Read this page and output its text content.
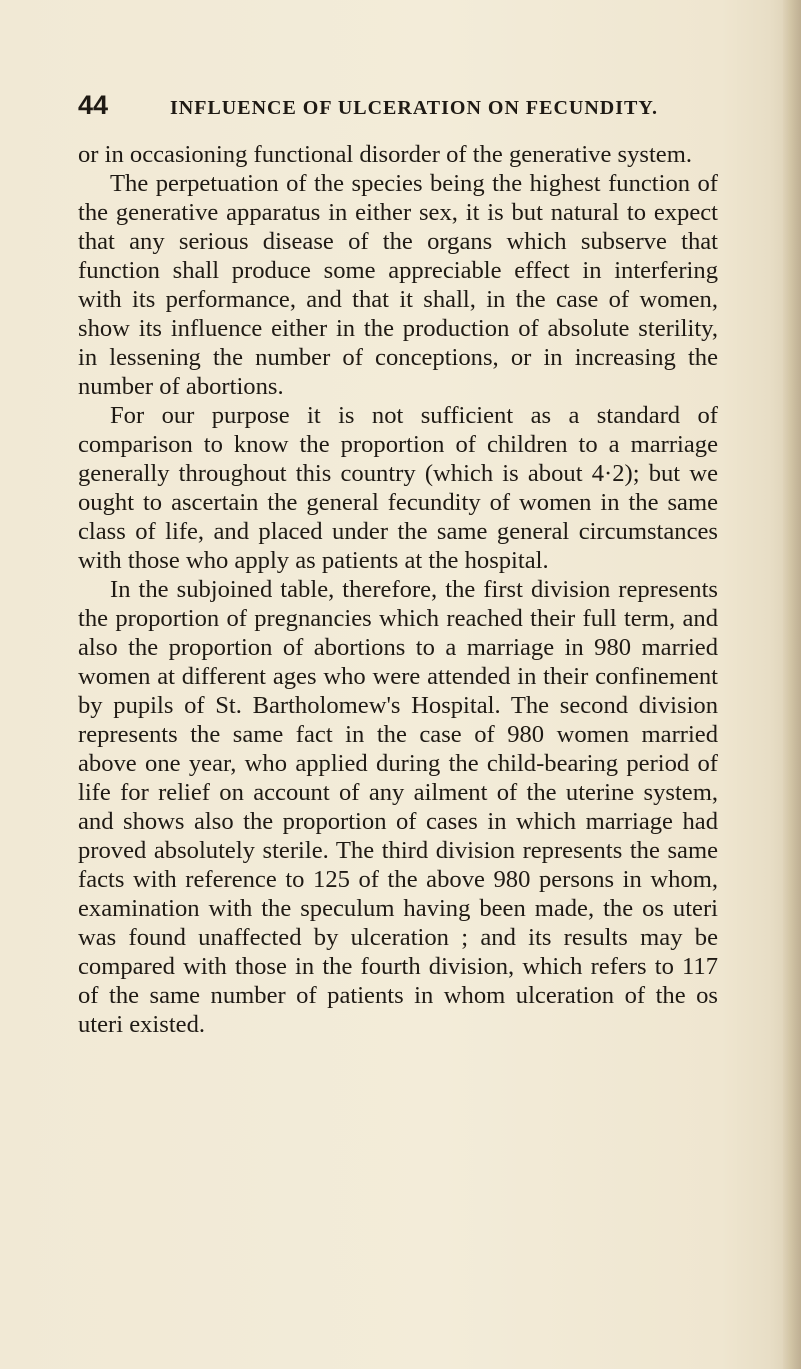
44	INFLUENCE OF ULCERATION ON FECUNDITY.

or in occasioning functional disorder of the generative system.

The perpetuation of the species being the highest function of the generative apparatus in either sex, it is but natural to expect that any serious disease of the organs which subserve that function shall produce some appreciable effect in interfering with its performance, and that it shall, in the case of women, show its influence either in the production of absolute sterility, in lessening the number of conceptions, or in increasing the number of abortions.

For our purpose it is not sufficient as a standard of comparison to know the proportion of children to a marriage generally throughout this country (which is about 4·2); but we ought to ascertain the general fecundity of women in the same class of life, and placed under the same general circumstances with those who apply as patients at the hospital.

In the subjoined table, therefore, the first division represents the proportion of pregnancies which reached their full term, and also the proportion of abortions to a marriage in 980 married women at different ages who were attended in their confinement by pupils of St. Bartholomew's Hospital. The second division represents the same fact in the case of 980 women married above one year, who applied during the child-bearing period of life for relief on account of any ailment of the uterine system, and shows also the proportion of cases in which marriage had proved absolutely sterile. The third division represents the same facts with reference to 125 of the above 980 persons in whom, examination with the speculum having been made, the os uteri was found unaffected by ulceration ; and its results may be compared with those in the fourth division, which refers to 117 of the same number of patients in whom ulceration of the os uteri existed.
